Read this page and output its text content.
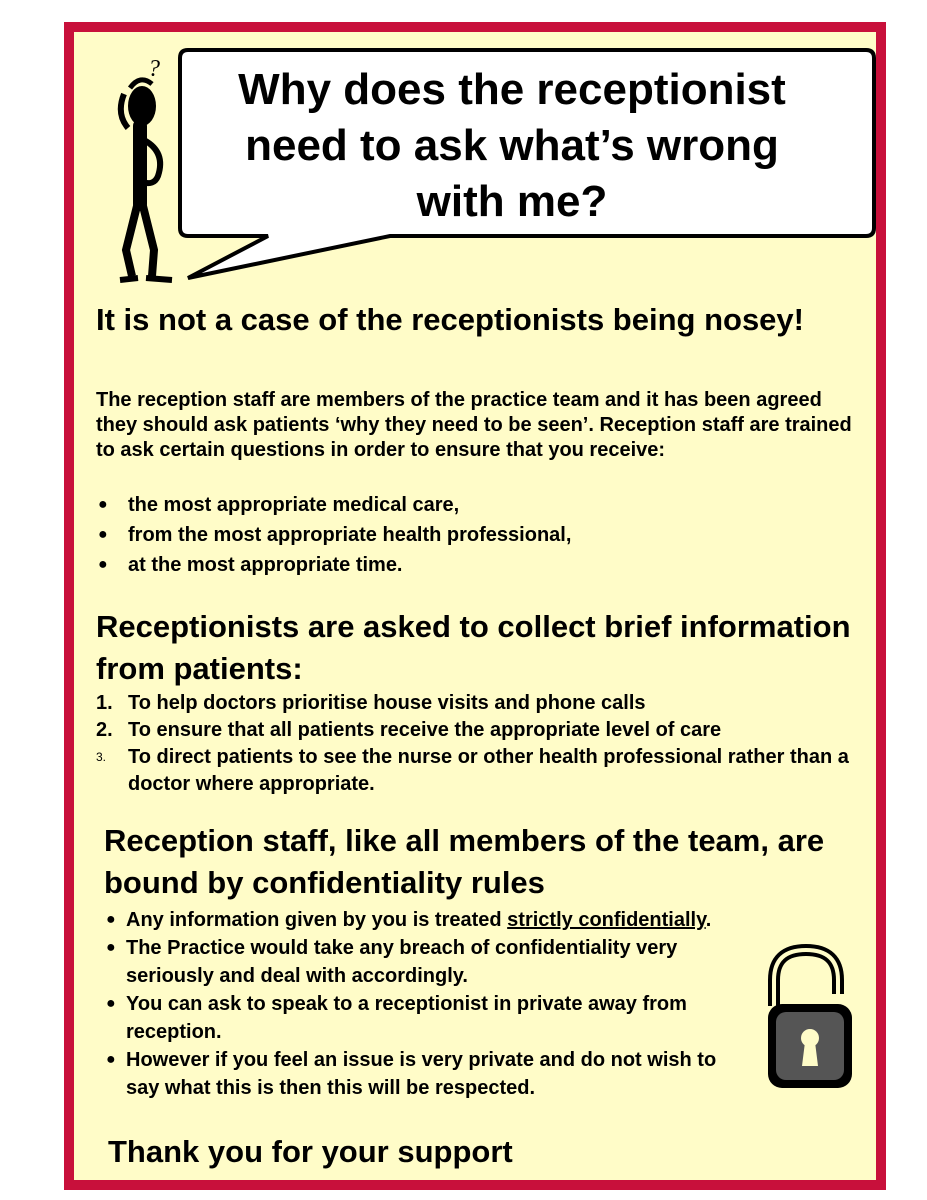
?	Why does the receptionist need to ask what’s wrong with me?
It is not a case of the receptionists being nosey!

The reception staff are members of the practice team and it has been agreed they should ask patients ‘why they need to be seen’. Reception staff are trained to ask certain questions in order to ensure that you receive:

● the most appropriate medical care,
● from the most appropriate health professional,
● at the most appropriate time.
Receptionists are asked to collect brief information from patients:
1. To help doctors prioritise house visits and phone calls
2. To ensure that all patients receive the appropriate level of care
3. To direct patients to see the nurse or other health professional rather than a doctor where appropriate.
Reception staff, like all members of the team, are bound by confidentiality rules
● Any information given by you is treated strictly confidentially.
● The Practice would take any breach of confidentiality very seriously and deal with accordingly.
● You can ask to speak to a receptionist in private away from reception.
● However if you feel an issue is very private and do not wish to say what this is then this will be respected.
Thank you for your support
